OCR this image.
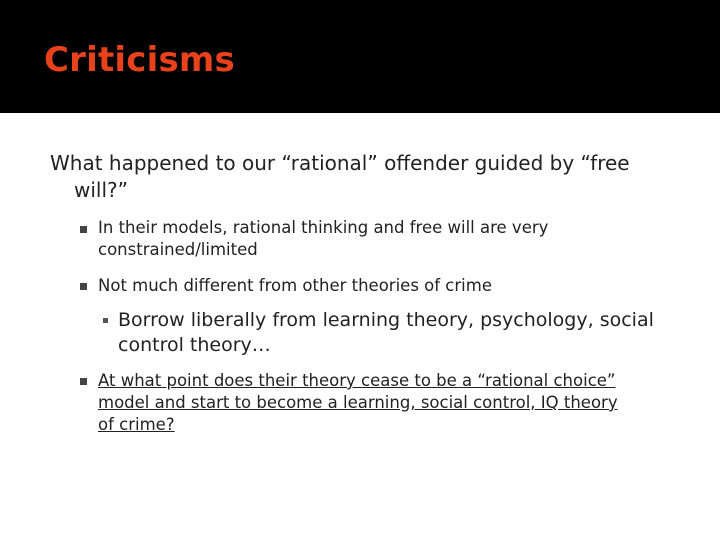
Criticisms
What happened to our “rational” offender guided by “free
will?”
In their models, rational thinking and free will are very
constrained/limited
Not much different from other theories of crime
Borrow liberally from learning theory, psychology, social
control theory…
At what point does their theory cease to be a “rational choice”
model and start to become a learning, social control, IQ theory
of crime?
